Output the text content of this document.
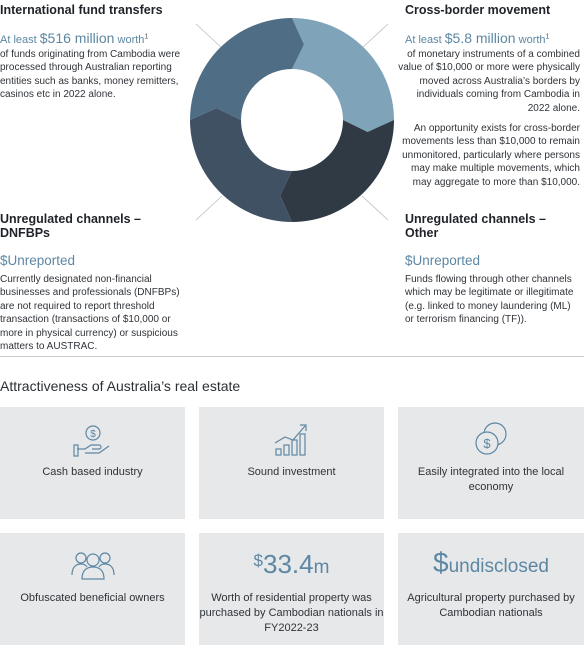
International fund transfers
At least $516 million worth$^1$

of funds originating from Cambodia were processed through Australian reporting entities such as banks, money remitters, casinos etc in 2022 alone.

Cross-border movement
At least $5.8 million worth$^1$

of monetary instruments of a combined value of $10,000 or more were physically moved across Australia’s borders by individuals coming from Cambodia in 2022 alone.

An opportunity exists for cross-border movements less than $10,000 to remain unmonitored, particularly where persons may make multiple movements, which may aggregate to more than $10,000.

Unregulated channels – DNFBPs
$Unreported

Currently designated non-financial businesses and professionals (DNFBPs) are not required to report threshold transaction (transactions of $10,000 or more in physical currency) or suspicious matters to AUSTRAC.

Unregulated channels – Other
$Unreported

Funds flowing through other channels which may be legitimate or illegitimate (e.g. linked to money laundering (ML) or terrorism financing (TF)).

Attractiveness of Australia’s real estate
$
Cash based industry	Sound investment
$
Easily integrated into the local economy
Obfuscated beneficial owners
$33.4m
Worth of residential property was purchased by Cambodian nationals in FY2022-23
$undisclosed
Agricultural property purchased by Cambodian nationals
